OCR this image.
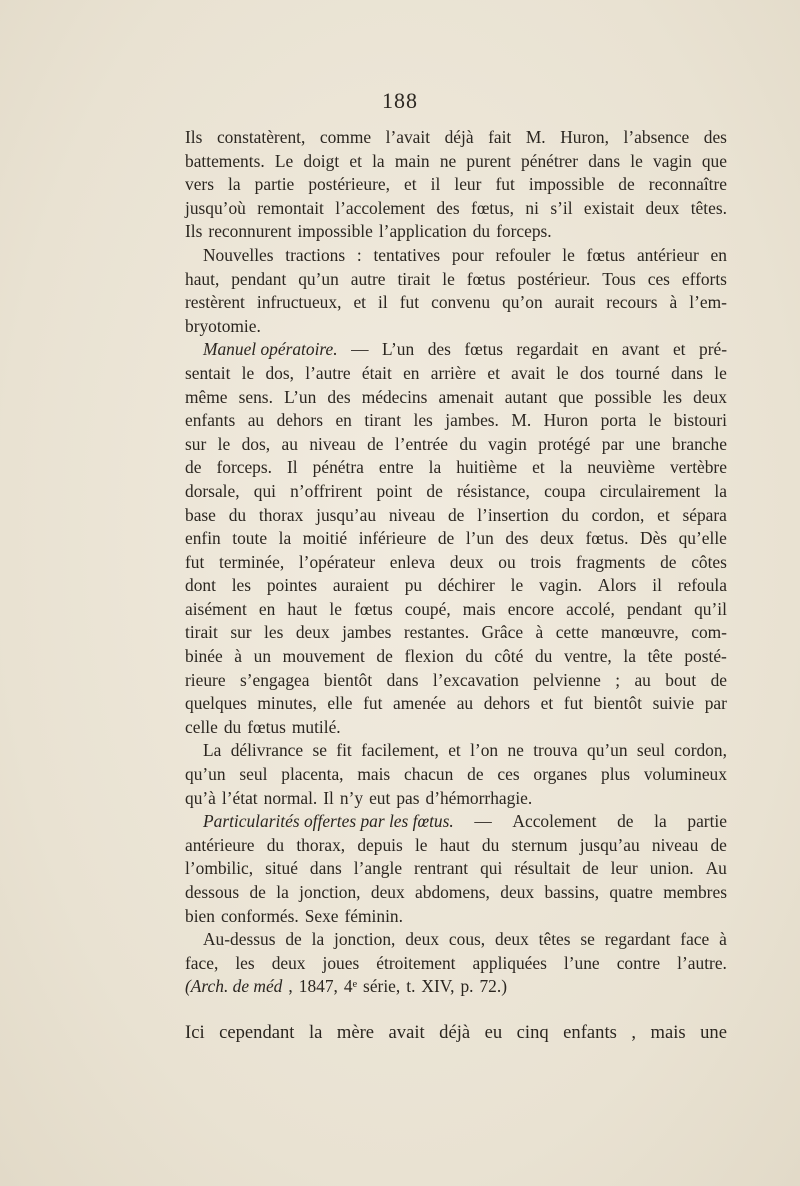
188
Ils constatèrent, comme l’avait déjà fait M. Huron, l’absence des
battements. Le doigt et la main ne purent pénétrer dans le vagin que
vers la partie postérieure, et il leur fut impossible de reconnaître
jusqu’où remontait l’accolement des fœtus, ni s’il existait deux têtes.
Ils reconnurent impossible l’application du forceps.
Nouvelles tractions : tentatives pour refouler le fœtus antérieur en
haut, pendant qu’un autre tirait le fœtus postérieur. Tous ces efforts
restèrent infructueux, et il fut convenu qu’on aurait recours à l’em-
bryotomie.
Manuel opératoire. — L’un des fœtus regardait en avant et pré-
sentait le dos, l’autre était en arrière et avait le dos tourné dans le
même sens. L’un des médecins amenait autant que possible les deux
enfants au dehors en tirant les jambes. M. Huron porta le bistouri
sur le dos, au niveau de l’entrée du vagin protégé par une branche
de forceps. Il pénétra entre la huitième et la neuvième vertèbre
dorsale, qui n’offrirent point de résistance, coupa circulairement la
base du thorax jusqu’au niveau de l’insertion du cordon, et sépara
enfin toute la moitié inférieure de l’un des deux fœtus. Dès qu’elle
fut terminée, l’opérateur enleva deux ou trois fragments de côtes
dont les pointes auraient pu déchirer le vagin. Alors il refoula
aisément en haut le fœtus coupé, mais encore accolé, pendant qu’il
tirait sur les deux jambes restantes. Grâce à cette manœuvre, com-
binée à un mouvement de flexion du côté du ventre, la tête posté-
rieure s’engagea bientôt dans l’excavation pelvienne ; au bout de
quelques minutes, elle fut amenée au dehors et fut bientôt suivie par
celle du fœtus mutilé.
La délivrance se fit facilement, et l’on ne trouva qu’un seul cordon,
qu’un seul placenta, mais chacun de ces organes plus volumineux
qu’à l’état normal. Il n’y eut pas d’hémorrhagie.
Particularités offertes par les fœtus. — Accolement de la partie
antérieure du thorax, depuis le haut du sternum jusqu’au niveau de
l’ombilic, situé dans l’angle rentrant qui résultait de leur union. Au
dessous de la jonction, deux abdomens, deux bassins, quatre membres
bien conformés. Sexe féminin.
Au-dessus de la jonction, deux cous, deux têtes se regardant face à
face, les deux joues étroitement appliquées l’une contre l’autre.
(Arch. de méd , 1847, 4ᵉ série, t. XIV, p. 72.)
Ici cependant la mère avait déjà eu cinq enfants , mais une
